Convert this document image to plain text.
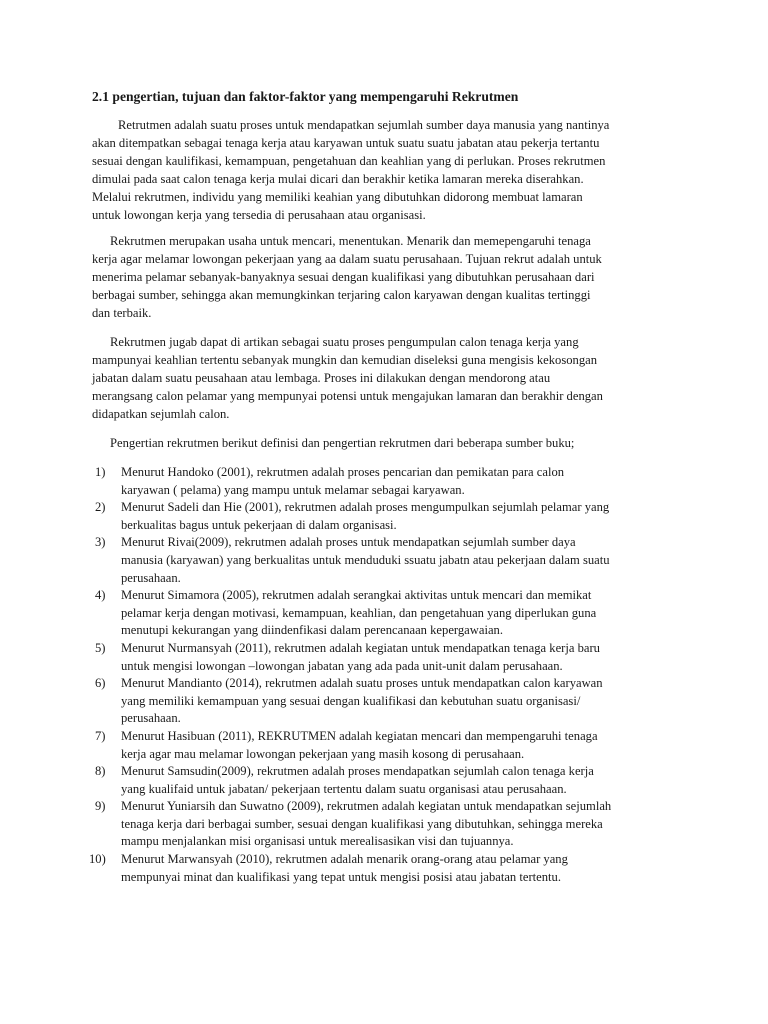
2.1 pengertian, tujuan dan faktor-faktor yang mempengaruhi Rekrutmen

Retrutmen adalah suatu proses untuk mendapatkan sejumlah sumber daya manusia yang nantinya
akan ditempatkan sebagai tenaga kerja atau karyawan untuk suatu suatu jabatan atau pekerja tertantu
sesuai dengan kaulifikasi, kemampuan, pengetahuan dan keahlian yang di perlukan. Proses rekrutmen
dimulai pada saat calon tenaga kerja mulai dicari dan berakhir ketika lamaran mereka diserahkan.
Melalui rekrutmen, individu yang memiliki keahian yang dibutuhkan didorong membuat lamaran
untuk lowongan kerja yang tersedia di perusahaan atau organisasi.

Rekrutmen merupakan usaha untuk mencari, menentukan. Menarik dan memepengaruhi tenaga
kerja agar melamar lowongan pekerjaan yang aa dalam suatu perusahaan. Tujuan rekrut adalah untuk
menerima pelamar sebanyak-banyaknya sesuai dengan kualifikasi yang dibutuhkan perusahaan dari
berbagai sumber, sehingga akan memungkinkan terjaring calon karyawan dengan kualitas tertinggi
dan terbaik.

Rekrutmen jugab dapat di artikan sebagai suatu proses pengumpulan calon tenaga kerja yang
mampunyai keahlian tertentu sebanyak mungkin dan kemudian diseleksi guna mengisis kekosongan
jabatan dalam suatu peusahaan atau lembaga. Proses ini dilakukan dengan mendorong atau
merangsang calon pelamar yang mempunyai potensi untuk mengajukan lamaran dan berakhir dengan
didapatkan sejumlah calon.

Pengertian rekrutmen berikut definisi dan pengertian rekrutmen dari beberapa sumber buku;

1)	Menurut Handoko (2001), rekrutmen adalah proses pencarian dan pemikatan para calon
karyawan ( pelama) yang mampu untuk melamar sebagai karyawan.
2)	Menurut Sadeli dan Hie (2001), rekrutmen adalah proses mengumpulkan sejumlah pelamar yang
berkualitas bagus untuk pekerjaan di dalam organisasi.
3)	Menurut Rivai(2009), rekrutmen adalah proses untuk mendapatkan sejumlah sumber daya
manusia (karyawan) yang berkualitas untuk menduduki ssuatu jabatn atau pekerjaan dalam suatu
perusahaan.
4)	Menurut Simamora (2005), rekrutmen adalah serangkai aktivitas untuk mencari dan memikat
pelamar kerja dengan motivasi, kemampuan, keahlian, dan pengetahuan yang diperlukan guna
menutupi kekurangan yang diindenfikasi dalam perencanaan kepergawaian.
5)	Menurut Nurmansyah (2011), rekrutmen adalah kegiatan untuk mendapatkan tenaga kerja baru
untuk mengisi lowongan –lowongan jabatan yang ada pada unit-unit dalam perusahaan.
6)	Menurut Mandianto (2014), rekrutmen adalah suatu proses untuk mendapatkan calon karyawan
yang memiliki kemampuan yang sesuai dengan kualifikasi dan kebutuhan suatu organisasi/
perusahaan.
7)	Menurut Hasibuan (2011), REKRUTMEN adalah kegiatan mencari dan mempengaruhi tenaga
kerja agar mau melamar lowongan pekerjaan yang masih kosong di perusahaan.
8)	Menurut Samsudin(2009), rekrutmen adalah proses mendapatkan sejumlah calon tenaga kerja
yang kualifaid untuk jabatan/ pekerjaan tertentu dalam suatu organisasi atau perusahaan.
9)	Menurut Yuniarsih dan Suwatno (2009), rekrutmen adalah kegiatan untuk mendapatkan sejumlah
tenaga kerja dari berbagai sumber, sesuai dengan kualifikasi yang dibutuhkan, sehingga mereka
mampu menjalankan misi organisasi untuk merealisasikan visi dan tujuannya.
10)	Menurut Marwansyah (2010), rekrutmen adalah menarik orang-orang atau pelamar yang
mempunyai minat dan kualifikasi yang tepat untuk mengisi posisi atau jabatan tertentu.
